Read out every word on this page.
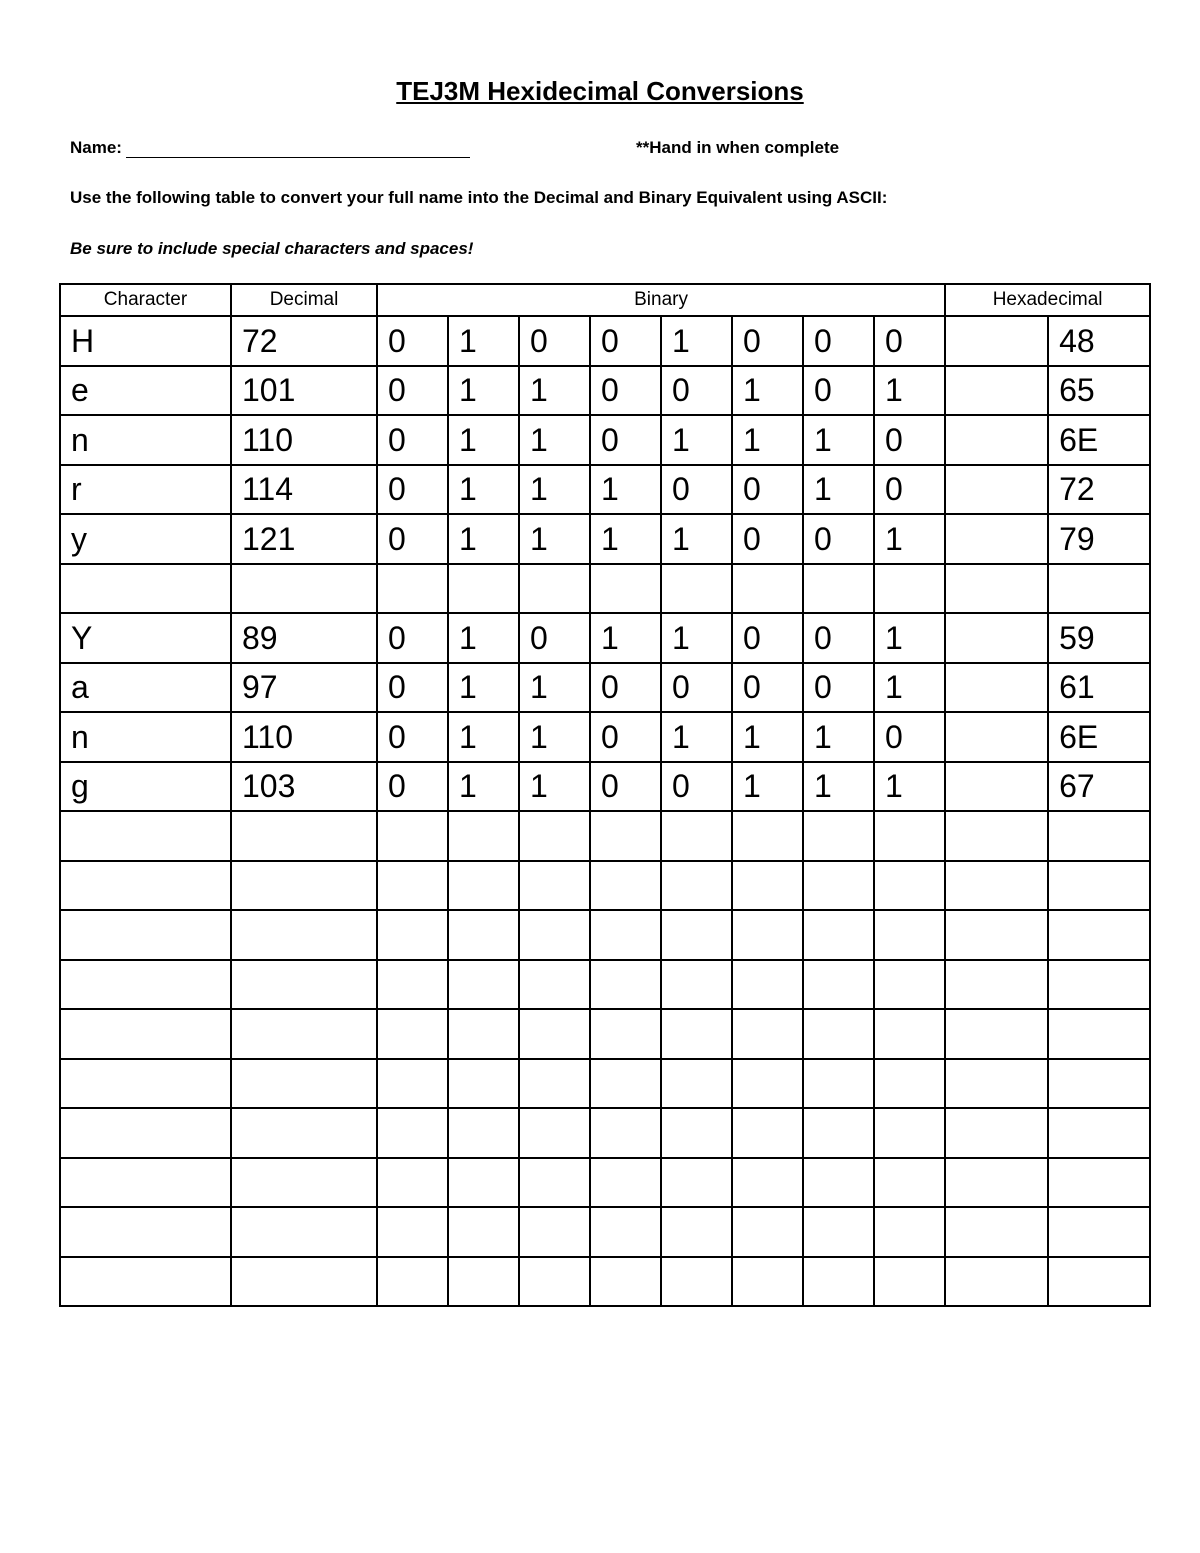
TEJ3M Hexidecimal Conversions
Name:	**Hand in when complete
Use the following table to convert your full name into the Decimal and Binary Equivalent using ASCII:
Be sure to include special characters and spaces!
Character	Decimal	Binary								Hexadecimal	
H	72	0	1	0	0	1	0	0	0		48
e	101	0	1	1	0	0	1	0	1		65
n	110	0	1	1	0	1	1	1	0		6E
r	114	0	1	1	1	0	0	1	0		72
y	121	0	1	1	1	1	0	0	1		79

Y	89	0	1	0	1	1	0	0	1		59
a	97	0	1	1	0	0	0	0	1		61
n	110	0	1	1	0	1	1	1	0		6E
g	103	0	1	1	0	0	1	1	1		67
